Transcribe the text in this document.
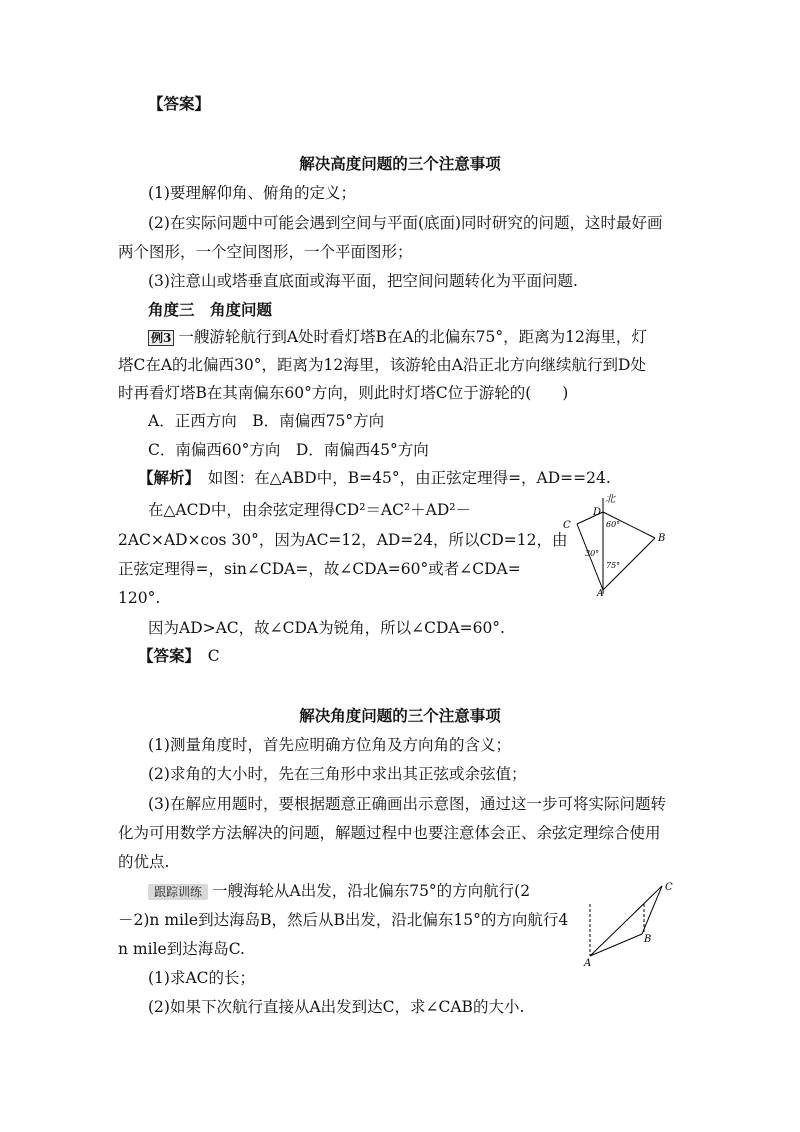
【答案】
解决高度问题的三个注意事项
(1)要理解仰角、俯角的定义；
(2)在实际问题中可能会遇到空间与平面(底面)同时研究的问题，这时最好画
两个图形，一个空间图形，一个平面图形；
(3)注意山或塔垂直底面或海平面，把空间问题转化为平面问题.
角度三　角度问题
例3 一艘游轮航行到A处时看灯塔B在A的北偏东75°，距离为12海里，灯
塔C在A的北偏西30°，距离为12海里，该游轮由A沿正北方向继续航行到D处
时再看灯塔B在其南偏东60°方向，则此时灯塔C位于游轮的(　　)
A．正西方向　 B．南偏西75°方向
C．南偏西60°方向　 D．南偏西45°方向
【解析】　 如图：在△ABD中，B=45°，由正弦定理得=，AD==24.
在△ACD中，由余弦定理得CD²＝AC²＋AD²－
2AC×AD×cos 30°，因为AC=12，AD=24，所以CD=12，由
正弦定理得=，sin∠CDA=，故∠CDA=60°或者∠CDA=
120°.
因为AD>AC，故∠CDA为锐角，所以∠CDA=60°.
【答案】　 C
北
D
C
B
A
60°
30°
75°
解决角度问题的三个注意事项
(1)测量角度时，首先应明确方位角及方向角的含义；
(2)求角的大小时，先在三角形中求出其正弦或余弦值；
(3)在解应用题时，要根据题意正确画出示意图，通过这一步可将实际问题转
化为可用数学方法解决的问题，解题过程中也要注意体会正、余弦定理综合使用
的优点.
跟踪训练 一艘海轮从A出发，沿北偏东75°的方向航行(2
－2)n mile到达海岛B，然后从B出发，沿北偏东15°的方向航行4
n mile到达海岛C.
(1)求AC的长；
(2)如果下次航行直接从A出发到达C，求∠CAB的大小.
C
B
A
